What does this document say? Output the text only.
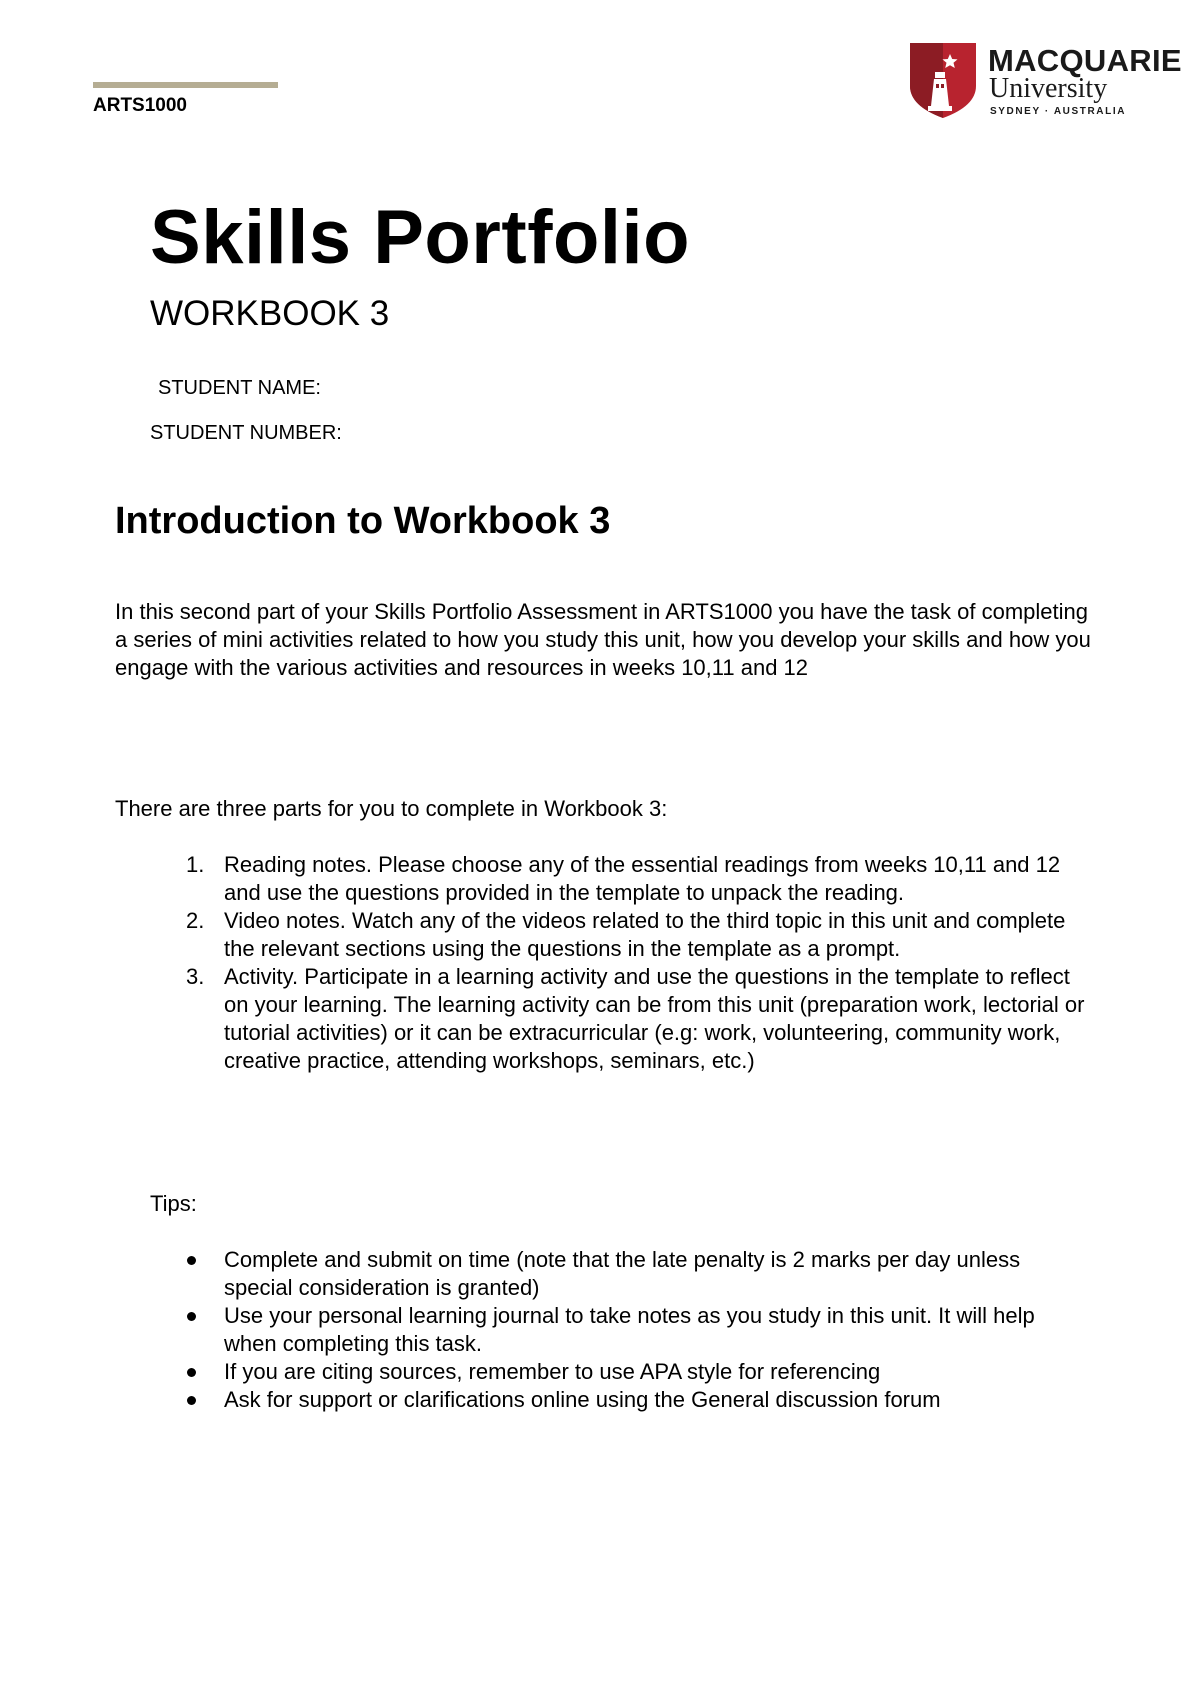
ARTS1000
MACQUARIE
University
SYDNEY · AUSTRALIA
Skills Portfolio
WORKBOOK 3
STUDENT NAME:
STUDENT NUMBER:
Introduction to Workbook 3
In this second part of your Skills Portfolio Assessment in ARTS1000 you have the task of completing a series of mini activities related to how you study this unit, how you develop your skills and how you engage with the various activities and resources in weeks 10,11 and 12
There are three parts for you to complete in Workbook 3:
1. Reading notes. Please choose any of the essential readings from weeks 10,11 and 12 and use the questions provided in the template to unpack the reading.
2. Video notes. Watch any of the videos related to the third topic in this unit and complete the relevant sections using the questions in the template as a prompt.
3. Activity. Participate in a learning activity and use the questions in the template to reflect on your learning. The learning activity can be from this unit (preparation work, lectorial or tutorial activities) or it can be extracurricular (e.g: work, volunteering, community work, creative practice, attending workshops, seminars, etc.)
Tips:
Complete and submit on time (note that the late penalty is 2 marks per day unless special consideration is granted)
Use your personal learning journal to take notes as you study in this unit. It will help when completing this task.
If you are citing sources, remember to use APA style for referencing
Ask for support or clarifications online using the General discussion forum
